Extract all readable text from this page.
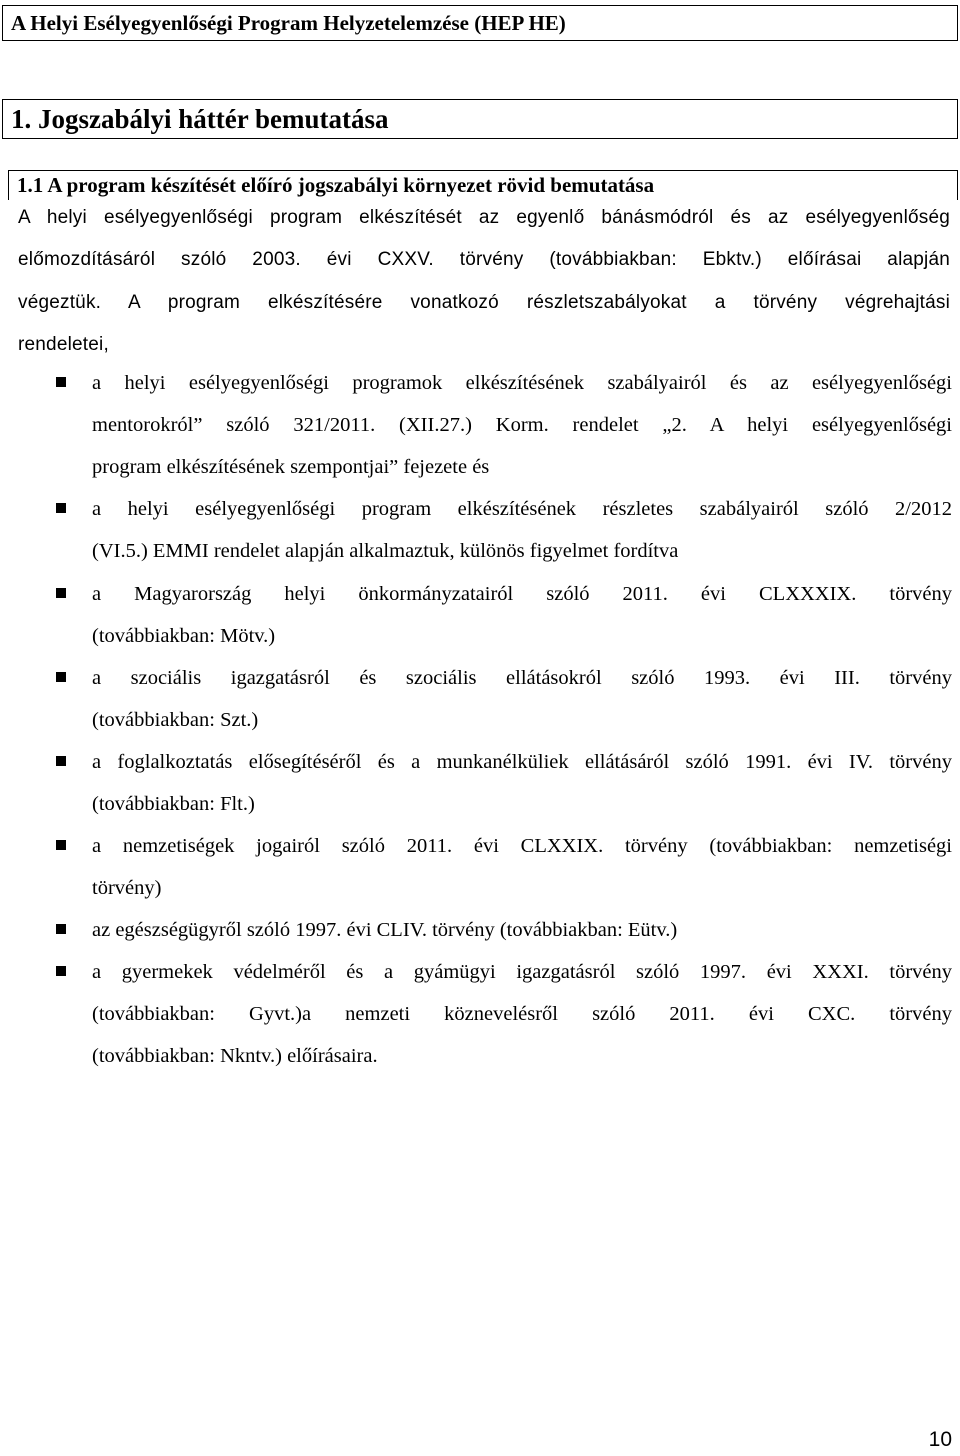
A Helyi Esélyegyenlőségi Program Helyzetelemzése (HEP HE)
1. Jogszabályi háttér bemutatása
1.1 A program készítését előíró jogszabályi környezet rövid bemutatása
A helyi esélyegyenlőségi program elkészítését az egyenlő bánásmódról és az esélyegyenlőség
előmozdításáról szóló 2003. évi CXXV. törvény (továbbiakban: Ebktv.) előírásai alapján
végeztük. A program elkészítésére vonatkozó részletszabályokat a törvény végrehajtási
rendeletei,
a helyi esélyegyenlőségi programok elkészítésének szabályairól és az esélyegyenlőségi
mentorokról” szóló 321/2011. (XII.27.) Korm. rendelet „2. A helyi esélyegyenlőségi
program elkészítésének szempontjai” fejezete és
a helyi esélyegyenlőségi program elkészítésének részletes szabályairól szóló 2/2012
(VI.5.) EMMI rendelet alapján alkalmaztuk, különös figyelmet fordítva
a Magyarország helyi önkormányzatairól szóló 2011. évi CLXXXIX. törvény
(továbbiakban: Mötv.)
a szociális igazgatásról és szociális ellátásokról szóló 1993. évi III. törvény
(továbbiakban: Szt.)
a foglalkoztatás elősegítéséről és a munkanélküliek ellátásáról szóló 1991. évi IV. törvény
(továbbiakban: Flt.)
a nemzetiségek jogairól szóló 2011. évi CLXXIX. törvény (továbbiakban: nemzetiségi
törvény)
az egészségügyről szóló 1997. évi CLIV. törvény (továbbiakban: Eütv.)
a gyermekek védelméről és a gyámügyi igazgatásról szóló 1997. évi XXXI. törvény
(továbbiakban: Gyvt.)a nemzeti köznevelésről szóló 2011. évi CXC. törvény
(továbbiakban: Nkntv.) előírásaira.
10
